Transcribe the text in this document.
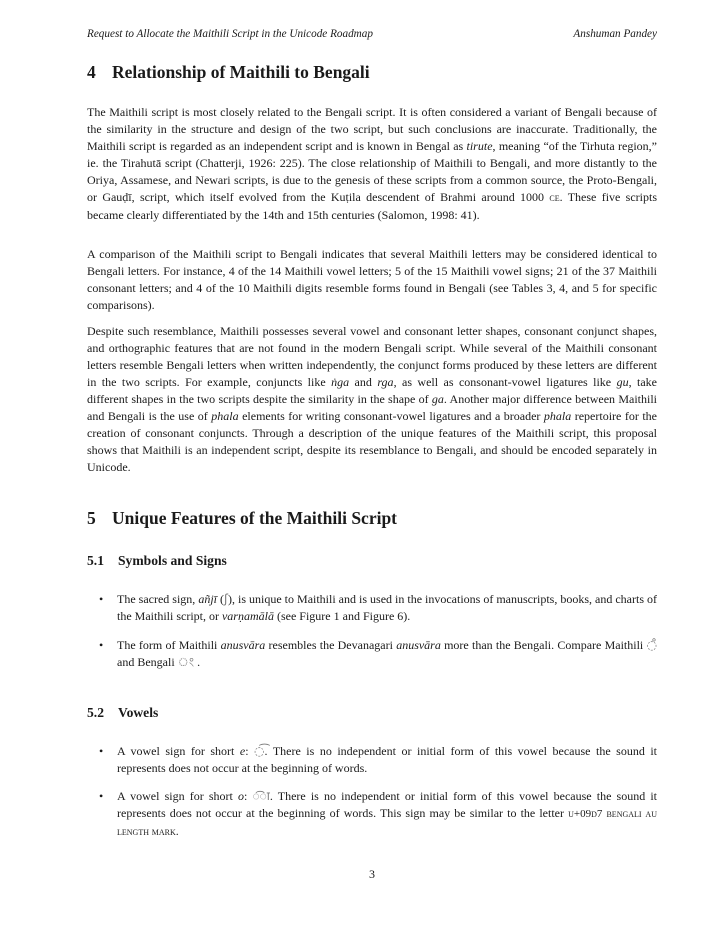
Request to Allocate the Maithili Script in the Unicode Roadmap	Anshuman Pandey
4 Relationship of Maithili to Bengali

The Maithili script is most closely related to the Bengali script. It is often considered a variant of Bengali because of the similarity in the structure and design of the two script, but such conclusions are inaccurate. Traditionally, the Maithili script is regarded as an independent script and is known in Bengal as tirute, meaning “of the Tirhuta region,” ie. the Tirahutā script (Chatterji, 1926: 225). The close relationship of Maithili to Bengali, and more distantly to the Oriya, Assamese, and Newari scripts, is due to the genesis of these scripts from a common source, the Proto-Bengali, or Gauḍī, script, which itself evolved from the Kuṭila descendent of Brahmi around 1000 ce. These five scripts became clearly differentiated by the 14th and 15th centuries (Salomon, 1998: 41).

A comparison of the Maithili script to Bengali indicates that several Maithili letters may be considered identical to Bengali letters. For instance, 4 of the 14 Maithili vowel letters; 5 of the 15 Maithili vowel signs; 21 of the 37 Maithili consonant letters; and 4 of the 10 Maithili digits resemble forms found in Bengali (see Tables 3, 4, and 5 for specific comparisons).

Despite such resemblance, Maithili possesses several vowel and consonant letter shapes, consonant conjunct shapes, and orthographic features that are not found in the modern Bengali script. While several of the Maithili consonant letters resemble Bengali letters when written independently, the conjunct forms produced by these letters are different in the two scripts. For example, conjuncts like ṅga and rga, as well as consonant-vowel ligatures like gu, take different shapes in the two scripts despite the similarity in the shape of ga. Another major difference between Maithili and Bengali is the use of phala elements for writing consonant-vowel ligatures and a broader phala repertoire for the creation of consonant conjuncts. Through a description of the unique features of the Maithili script, this proposal shows that Maithili is an independent script, despite its resemblance to Bengali, and should be encoded separately in Unicode.

5 Unique Features of the Maithili Script
5.1 Symbols and Signs
• The sacred sign, añjī (ʃ), is unique to Maithili and is used in the invocations of manuscripts, books, and charts of the Maithili script, or varṇamālā (see Figure 1 and Figure 6).
• The form of Maithili anusvāra resembles the Devanagari anusvāra more than the Bengali. Compare Maithili ◌̊ and Bengali ◌ং .
5.2 Vowels
• A vowel sign for short e: ◌͡. There is no independent or initial form of this vowel because the sound it represents does not occur at the beginning of words.
• A vowel sign for short o: ◌͡ा. There is no independent or initial form of this vowel because the sound it represents does not occur at the beginning of words. This sign may be similar to the letter u+09d7 bengali au length mark.
3
